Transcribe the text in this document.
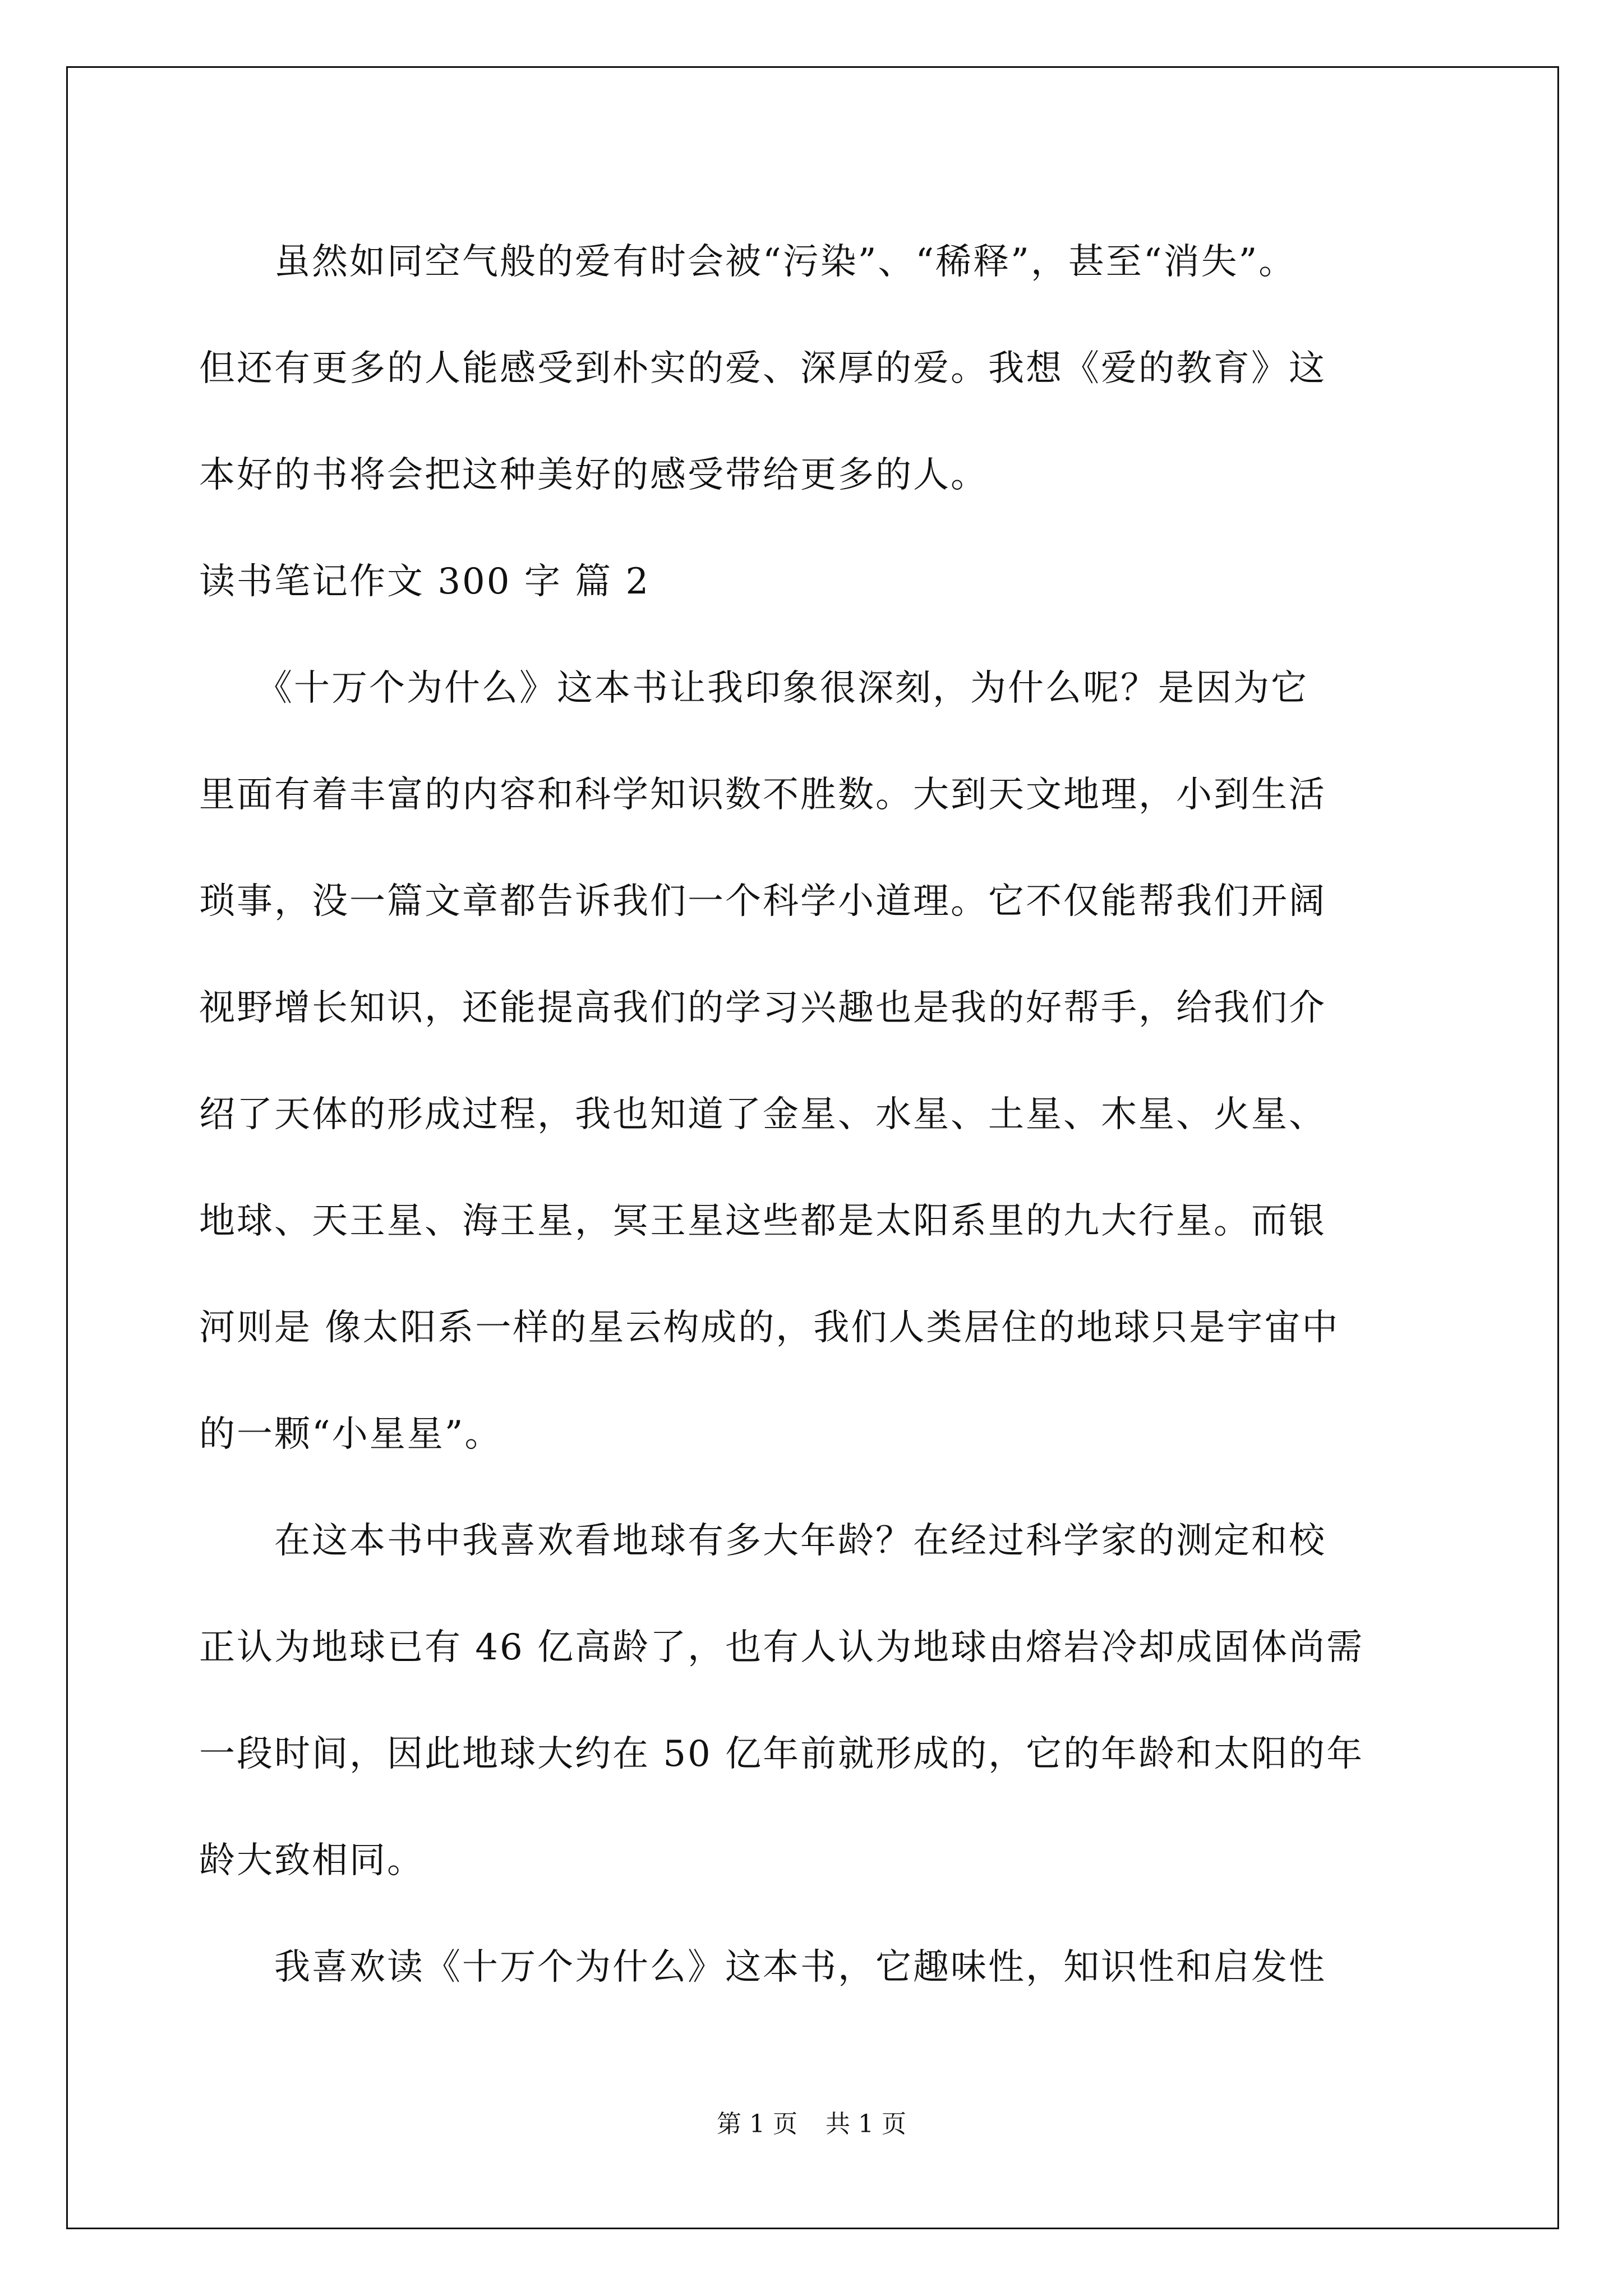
　　虽然如同空气般的爱有时会被“污染”、“稀释”，甚至“消失”。

但还有更多的人能感受到朴实的爱、深厚的爱。我想《爱的教育》这

本好的书将会把这种美好的感受带给更多的人。

读书笔记作文 300 字 篇 2

　　《十万个为什么》这本书让我印象很深刻，为什么呢？是因为它

里面有着丰富的内容和科学知识数不胜数。大到天文地理，小到生活

琐事，没一篇文章都告诉我们一个科学小道理。它不仅能帮我们开阔

视野增长知识，还能提高我们的学习兴趣也是我的好帮手，给我们介

绍了天体的形成过程，我也知道了金星、水星、土星、木星、火星、

地球、天王星、海王星，冥王星这些都是太阳系里的九大行星。而银

河则是 像太阳系一样的星云构成的，我们人类居住的地球只是宇宙中

的一颗“小星星”。

　　在这本书中我喜欢看地球有多大年龄？在经过科学家的测定和校

正认为地球已有 46 亿高龄了，也有人认为地球由熔岩冷却成固体尚需

一段时间，因此地球大约在 50 亿年前就形成的，它的年龄和太阳的年

龄大致相同。

　　我喜欢读《十万个为什么》这本书，它趣味性，知识性和启发性

第 1 页 共 1 页
